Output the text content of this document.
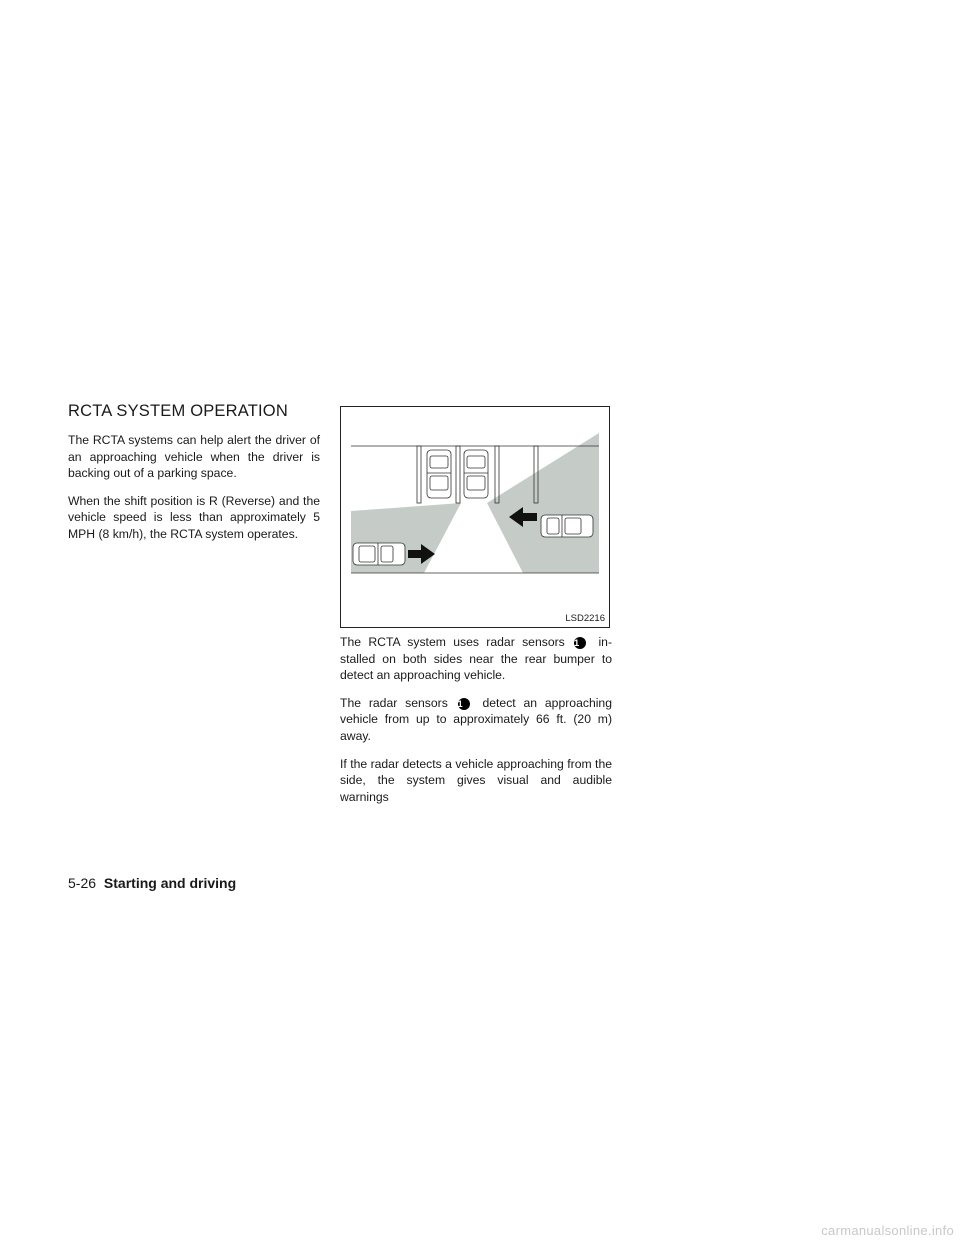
RCTA SYSTEM OPERATION

The RCTA systems can help alert the driver of an approaching vehicle when the driver is backing out of a parking space.

When the shift position is R (Reverse) and the vehicle speed is less than approximately 5 MPH (8 km/h), the RCTA system operates.

LSD2216

The RCTA system uses radar sensors 1 in-stalled on both sides near the rear bumper to detect an approaching vehicle.

The radar sensors 1 detect an approaching vehicle from up to approximately 66 ft. (20 m) away.

If the radar detects a vehicle approaching from the side, the system gives visual and audible warnings

5-26 Starting and driving
carmanualsonline.info
